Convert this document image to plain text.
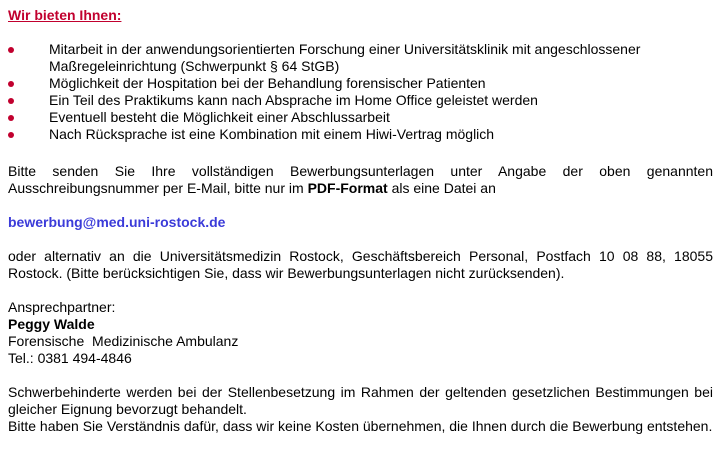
Wir bieten Ihnen:
Mitarbeit in der anwendungsorientierten Forschung einer Universitätsklinik mit angeschlossener Maßregeleinrichtung (Schwerpunkt § 64 StGB)
Möglichkeit der Hospitation bei der Behandlung forensischer Patienten
Ein Teil des Praktikums kann nach Absprache im Home Office geleistet werden
Eventuell besteht die Möglichkeit einer Abschlussarbeit
Nach Rücksprache ist eine Kombination mit einem Hiwi-Vertrag möglich
Bitte senden Sie Ihre vollständigen Bewerbungsunterlagen unter Angabe der oben genannten Ausschreibungsnummer per E-Mail, bitte nur im PDF-Format als eine Datei an
bewerbung@med.uni-rostock.de
oder alternativ an die Universitätsmedizin Rostock, Geschäftsbereich Personal, Postfach 10 08 88, 18055 Rostock. (Bitte berücksichtigen Sie, dass wir Bewerbungsunterlagen nicht zurücksenden).
Ansprechpartner:
Peggy Walde
Forensische  Medizinische Ambulanz
Tel.: 0381 494-4846
Schwerbehinderte werden bei der Stellenbesetzung im Rahmen der geltenden gesetzlichen Bestimmungen bei gleicher Eignung bevorzugt behandelt.
Bitte haben Sie Verständnis dafür, dass wir keine Kosten übernehmen, die Ihnen durch die Bewerbung entstehen.
